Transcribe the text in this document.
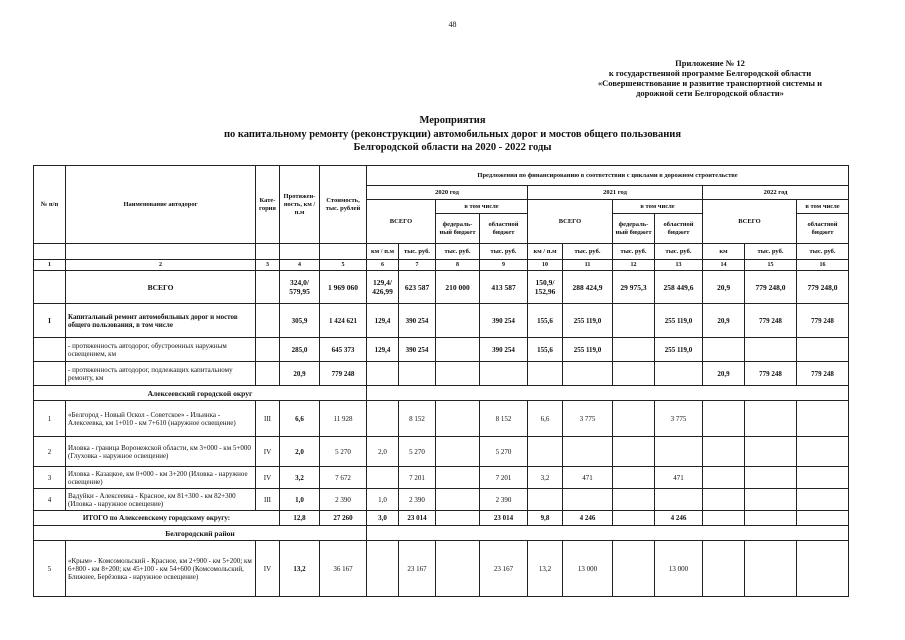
48
Приложение № 12
к государственной программе Белгородской области
«Совершенствование и развитие транспортной системы и
дорожной сети Белгородской области»
Мероприятия
по капитальному ремонту (реконструкции) автомобильных дорог и мостов общего пользования
Белгородской области на 2020 - 2022 годы
№ п/п	Наименование автодорог	Кате-гория	Протяжен-ность, км / п.м	Стоимость, тыс. рублей	Предложения по финансированию в соответствии с циклами в дорожном строительстве										
					2020 год				2021 год				2022 год		
					ВСЕГО		в том числе		ВСЕГО		в том числе		ВСЕГО		в том числе
							федераль-ный бюджет	областной бюджет			федераль-ный бюджет	областной бюджет			областной бюджет
					км / п.м	тыс. руб.	тыс. руб.	тыс. руб.	км / п.м	тыс. руб.	тыс. руб.	тыс. руб.	км	тыс. руб.	тыс. руб.
1	2	3	4	5	6	7	8	9	10	11	12	13	14	15	16
	ВСЕГО		324,0/ 579,95	1 969 060	129,4/ 426,99	623 587	210 000	413 587	150,9/ 152,96	288 424,9	29 975,3	258 449,6	20,9	779 248,0	779 248,0
I	Капитальный ремонт автомобильных дорог и мостов общего пользования, в том числе		305,9	1 424 621	129,4	390 254		390 254	155,6	255 119,0		255 119,0	20,9	779 248	779 248
	- протяженность автодорог, обустроенных наружным освещением, км		285,0	645 373	129,4	390 254		390 254	155,6	255 119,0		255 119,0			
	- протяженность автодорог, подлежащих капитальному ремонту, км		20,9	779 248									20,9	779 248	779 248
Алексеевский городской округ															
1	«Белгород - Новый Оскол - Советское» - Ильинка - Алексеевка, км 1+010 - км 7+610 (наружное освещение)	III	6,6	11 928		8 152		8 152	6,6	3 775		3 775			
2	Иловка - граница Воронежской области, км 3+000 - км 5+000 (Глуховка - наружное освещение)	IV	2,0	5 270	2,0	5 270		5 270							
3	Иловка - Казацкое, км 0+000 - км 3+200 (Иловка - наружное освещение)	IV	3,2	7 672		7 201		7 201	3,2	471		471			
4	Вадуйки - Алексеевка - Красное, км 81+300 - км 82+300 (Иловка - наружное освещение)	III	1,0	2 390	1,0	2 390		2 390							
ИТОГО по Алексеевскому городскому округу:			12,8	27 260	3,0	23 014		23 014	9,8	4 246		4 246			
Белгородский район															
5	«Крым» - Комсомольский - Красное, км 2+900 - км 5+200; км 6+800 - км 8+200; км 45+100 - км 54+600 (Комсомольский, Ближнее, Берёзовка - наружное освещение)	IV	13,2	36 167		23 167		23 167	13,2	13 000		13 000			
